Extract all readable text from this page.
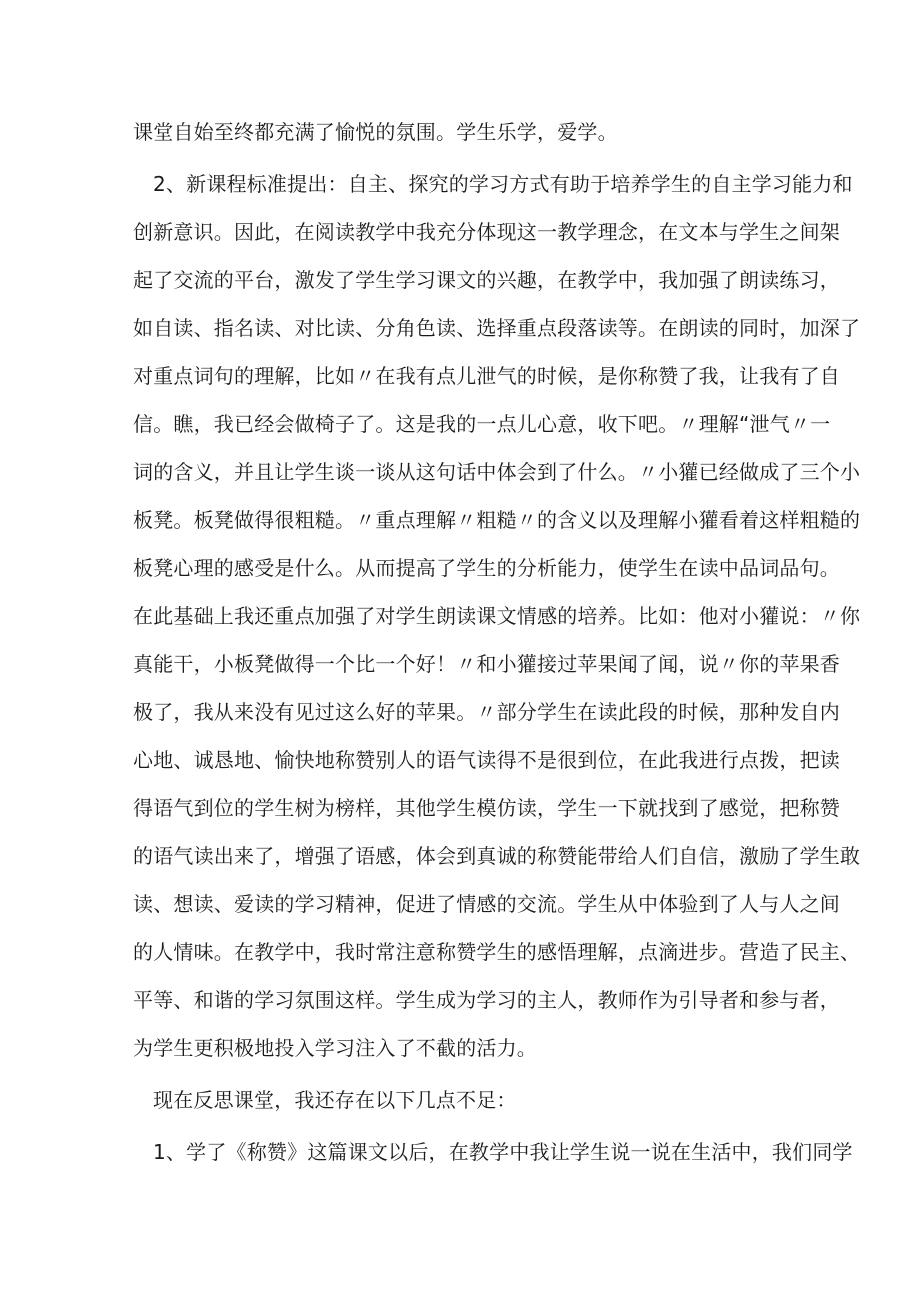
课堂自始至终都充满了愉悦的氛围。学生乐学，爱学。
2、新课程标准提出：自主、探究的学习方式有助于培养学生的自主学习能力和
创新意识。因此，在阅读教学中我充分体现这一教学理念，在文本与学生之间架
起了交流的平台，激发了学生学习课文的兴趣，在教学中，我加强了朗读练习，
如自读、指名读、对比读、分角色读、选择重点段落读等。在朗读的同时，加深了
对重点词句的理解，比如〃在我有点儿泄气的时候，是你称赞了我，让我有了自
信。瞧，我已经会做椅子了。这是我的一点儿心意，收下吧。〃理解“泄气〃一
词的含义，并且让学生谈一谈从这句话中体会到了什么。〃小獾已经做成了三个小
板凳。板凳做得很粗糙。〃重点理解〃粗糙〃的含义以及理解小獾看着这样粗糙的
板凳心理的感受是什么。从而提高了学生的分析能力，使学生在读中品词品句。
在此基础上我还重点加强了对学生朗读课文情感的培养。比如：他对小獾说：〃你
真能干，小板凳做得一个比一个好！〃和小獾接过苹果闻了闻，说〃你的苹果香
极了，我从来没有见过这么好的苹果。〃部分学生在读此段的时候，那种发自内
心地、诚恳地、愉快地称赞别人的语气读得不是很到位，在此我进行点拨，把读
得语气到位的学生树为榜样，其他学生模仿读，学生一下就找到了感觉，把称赞
的语气读出来了，增强了语感，体会到真诚的称赞能带给人们自信，激励了学生敢
读、想读、爱读的学习精神，促进了情感的交流。学生从中体验到了人与人之间
的人情味。在教学中，我时常注意称赞学生的感悟理解，点滴进步。营造了民主、
平等、和谐的学习氛围这样。学生成为学习的主人，教师作为引导者和参与者，
为学生更积极地投入学习注入了不截的活力。
现在反思课堂，我还存在以下几点不足：
1、学了《称赞》这篇课文以后，在教学中我让学生说一说在生活中，我们同学
